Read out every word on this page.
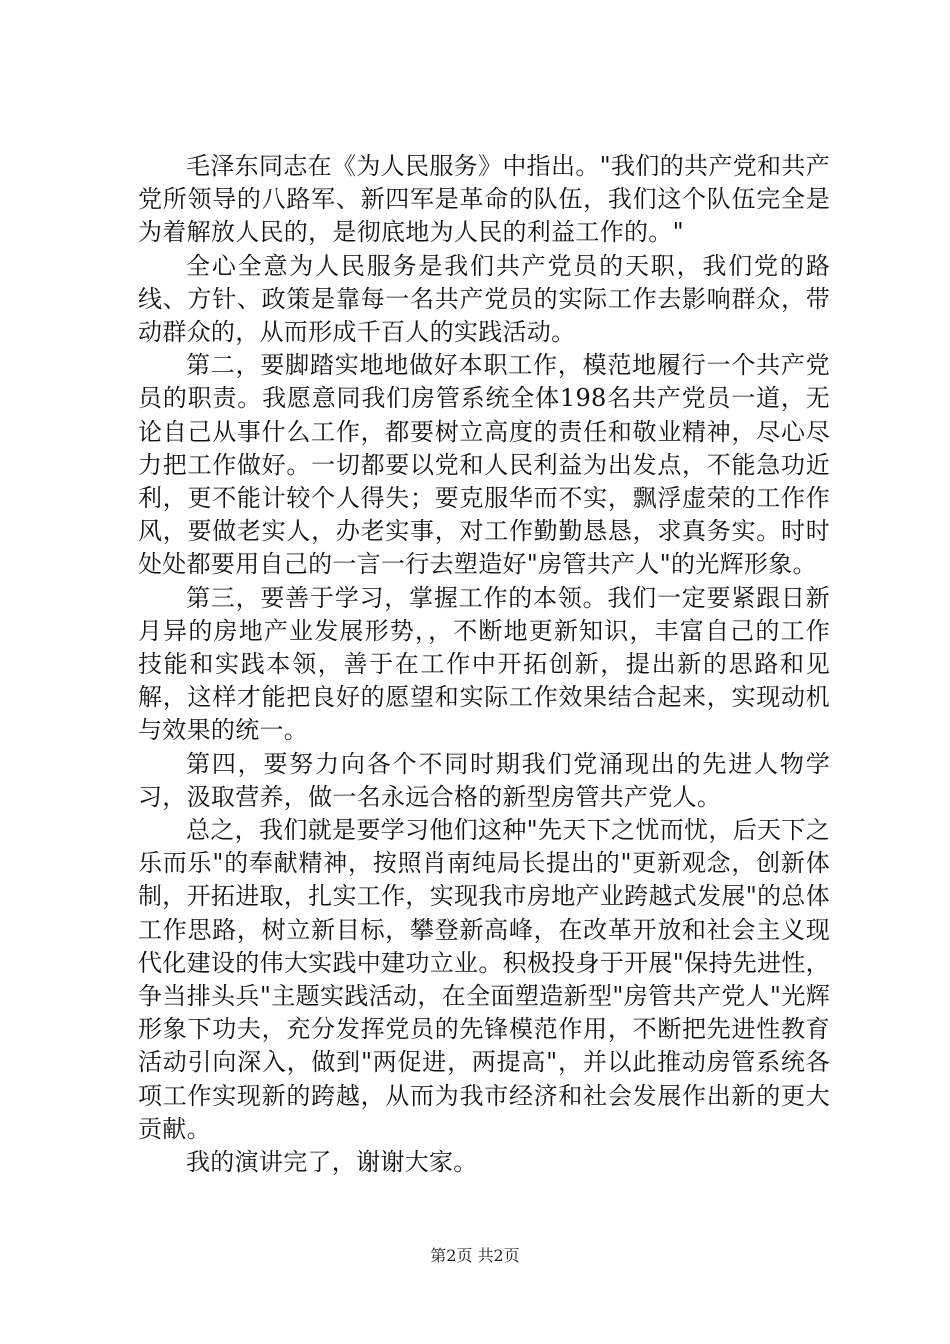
毛泽东同志在《为人民服务》中指出。"我们的共产党和共产党所领导的八路军、新四军是革命的队伍，我们这个队伍完全是为着解放人民的，是彻底地为人民的利益工作的。"

全心全意为人民服务是我们共产党员的天职，我们党的路线、方针、政策是靠每一名共产党员的实际工作去影响群众，带动群众的，从而形成千百人的实践活动。

第二，要脚踏实地地做好本职工作，模范地履行一个共产党员的职责。我愿意同我们房管系统全体198名共产党员一道，无论自己从事什么工作，都要树立高度的责任和敬业精神，尽心尽力把工作做好。一切都要以党和人民利益为出发点，不能急功近利，更不能计较个人得失；要克服华而不实，飘浮虚荣的工作作风，要做老实人，办老实事，对工作勤勤恳恳，求真务实。时时处处都要用自己的一言一行去塑造好"房管共产人"的光辉形象。

第三，要善于学习，掌握工作的本领。我们一定要紧跟日新月异的房地产业发展形势，，不断地更新知识，丰富自己的工作技能和实践本领，善于在工作中开拓创新，提出新的思路和见解，这样才能把良好的愿望和实际工作效果结合起来，实现动机与效果的统一。

第四，要努力向各个不同时期我们党涌现出的先进人物学习，汲取营养，做一名永远合格的新型房管共产党人。

总之，我们就是要学习他们这种"先天下之忧而忧，后天下之乐而乐"的奉献精神，按照肖南纯局长提出的"更新观念，创新体制，开拓进取，扎实工作，实现我市房地产业跨越式发展"的总体工作思路，树立新目标，攀登新高峰，在改革开放和社会主义现代化建设的伟大实践中建功立业。积极投身于开展"保持先进性，争当排头兵"主题实践活动，在全面塑造新型"房管共产党人"光辉形象下功夫，充分发挥党员的先锋模范作用，不断把先进性教育活动引向深入，做到"两促进，两提高"，并以此推动房管系统各项工作实现新的跨越，从而为我市经济和社会发展作出新的更大贡献。

我的演讲完了，谢谢大家。

第2页 共2页
